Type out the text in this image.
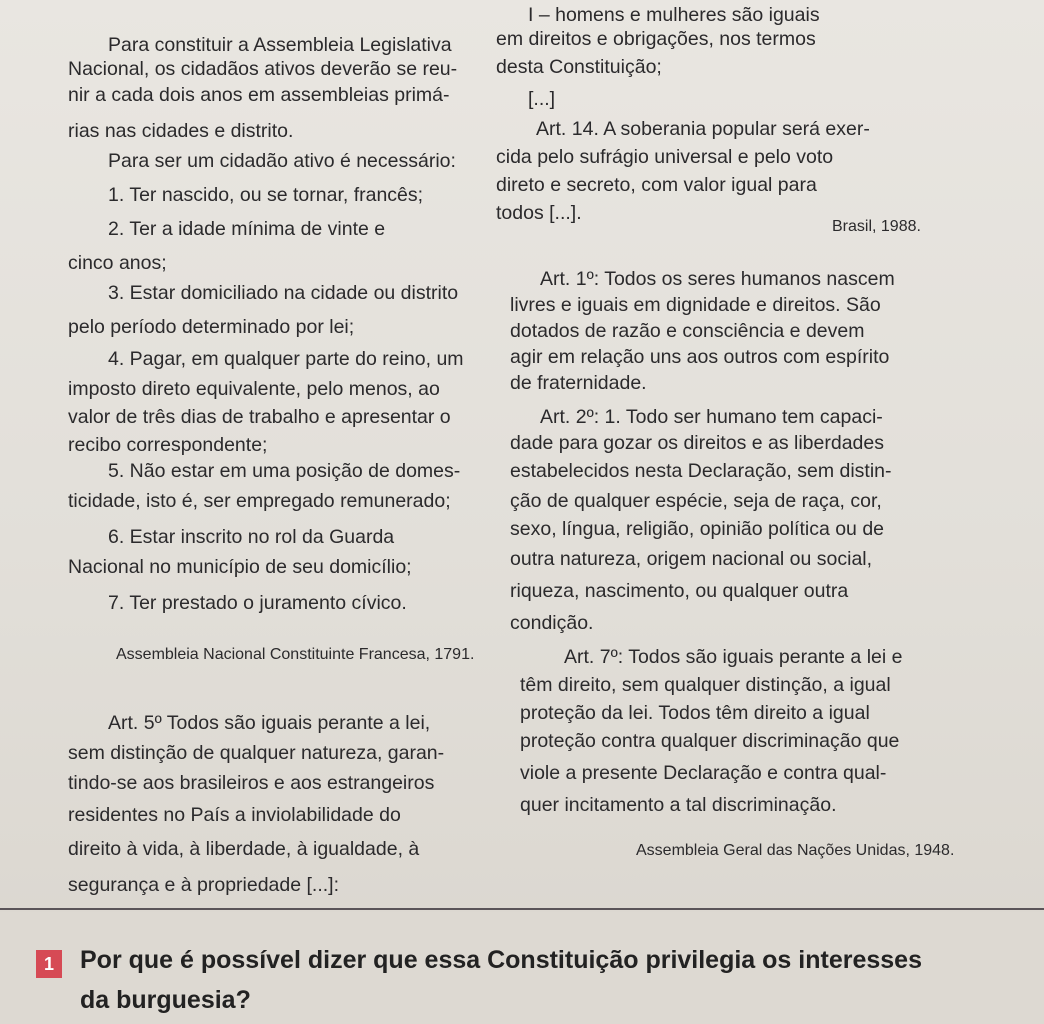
Para constituir a Assembleia Legislativa
Nacional, os cidadãos ativos deverão se reu-
nir a cada dois anos em assembleias primá-
rias nas cidades e distrito.
Para ser um cidadão ativo é necessário:
1. Ter nascido, ou se tornar, francês;
2. Ter a idade mínima de vinte e
cinco anos;
3. Estar domiciliado na cidade ou distrito
pelo período determinado por lei;
4. Pagar, em qualquer parte do reino, um
imposto direto equivalente, pelo menos, ao
valor de três dias de trabalho e apresentar o
recibo correspondente;
5. Não estar em uma posição de domes-
ticidade, isto é, ser empregado remunerado;
6. Estar inscrito no rol da Guarda
Nacional no município de seu domicílio;
7. Ter prestado o juramento cívico.
Assembleia Nacional Constituinte Francesa, 1791.
Art. 5º Todos são iguais perante a lei,
sem distinção de qualquer natureza, garan-
tindo-se aos brasileiros e aos estrangeiros
residentes no País a inviolabilidade do
direito à vida, à liberdade, à igualdade, à
segurança e à propriedade [...]:
I – homens e mulheres são iguais
em direitos e obrigações, nos termos
desta Constituição;
[...]
Art. 14. A soberania popular será exer-
cida pelo sufrágio universal e pelo voto
direto e secreto, com valor igual para
todos [...].
Brasil, 1988.
Art. 1º: Todos os seres humanos nascem
livres e iguais em dignidade e direitos. São
dotados de razão e consciência e devem
agir em relação uns aos outros com espírito
de fraternidade.
Art. 2º: 1. Todo ser humano tem capaci-
dade para gozar os direitos e as liberdades
estabelecidos nesta Declaração, sem distin-
ção de qualquer espécie, seja de raça, cor,
sexo, língua, religião, opinião política ou de
outra natureza, origem nacional ou social,
riqueza, nascimento, ou qualquer outra
condição.
Art. 7º: Todos são iguais perante a lei e
têm direito, sem qualquer distinção, a igual
proteção da lei. Todos têm direito a igual
proteção contra qualquer discriminação que
viole a presente Declaração e contra qual-
quer incitamento a tal discriminação.
Assembleia Geral das Nações Unidas, 1948.
1	Por que é possível dizer que essa Constituição privilegia os interesses
da burguesia?
